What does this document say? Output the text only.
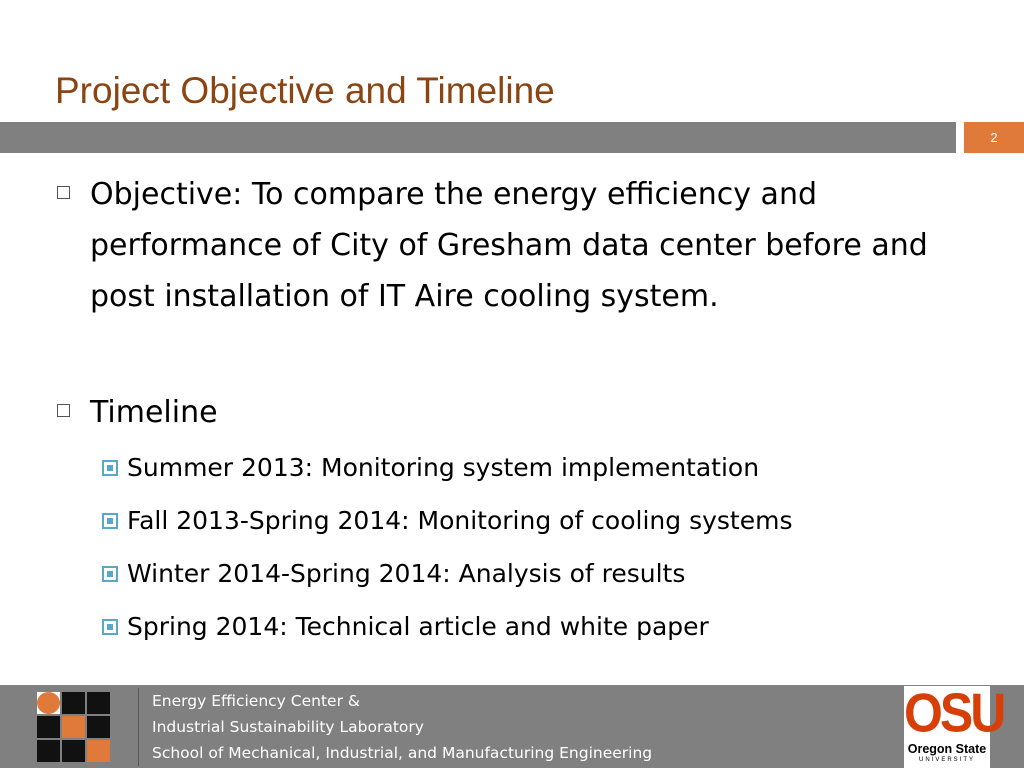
Project Objective and Timeline
2
Objective: To compare the energy efficiency and performance of City of Gresham data center before and post installation of IT Aire cooling system.
Timeline
Summer 2013: Monitoring system implementation
Fall 2013-Spring 2014: Monitoring of cooling systems
Winter 2014-Spring 2014: Analysis of results
Spring 2014: Technical article and white paper
Energy Efficiency Center &
Industrial Sustainability Laboratory
School of Mechanical, Industrial, and Manufacturing Engineering
OSU
Oregon State
UNIVERSITY
